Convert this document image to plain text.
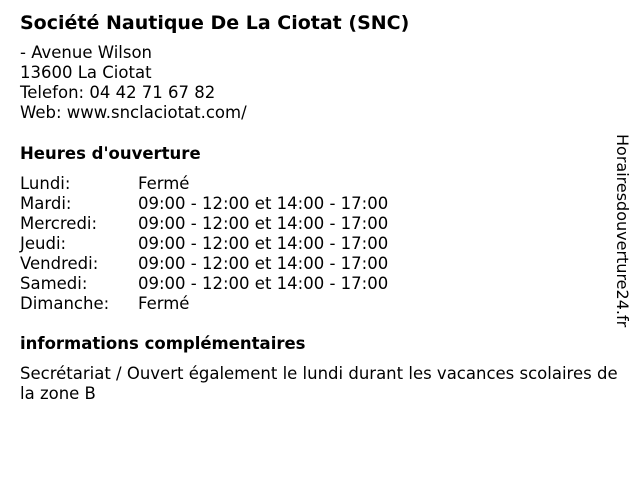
Société Nautique De La Ciotat (SNC)
- Avenue Wilson
13600 La Ciotat
Telefon: 04 42 71 67 82
Web: www.snclaciotat.com/
Heures d'ouverture
Lundi:	Fermé
Mardi:	09:00 - 12:00 et 14:00 - 17:00
Mercredi:	09:00 - 12:00 et 14:00 - 17:00
Jeudi:	09:00 - 12:00 et 14:00 - 17:00
Vendredi:	09:00 - 12:00 et 14:00 - 17:00
Samedi:	09:00 - 12:00 et 14:00 - 17:00
Dimanche:	Fermé
informations complémentaires
Secrétariat / Ouvert également le lundi durant les vacances scolaires de la zone B
Horairesdouverture24.fr
